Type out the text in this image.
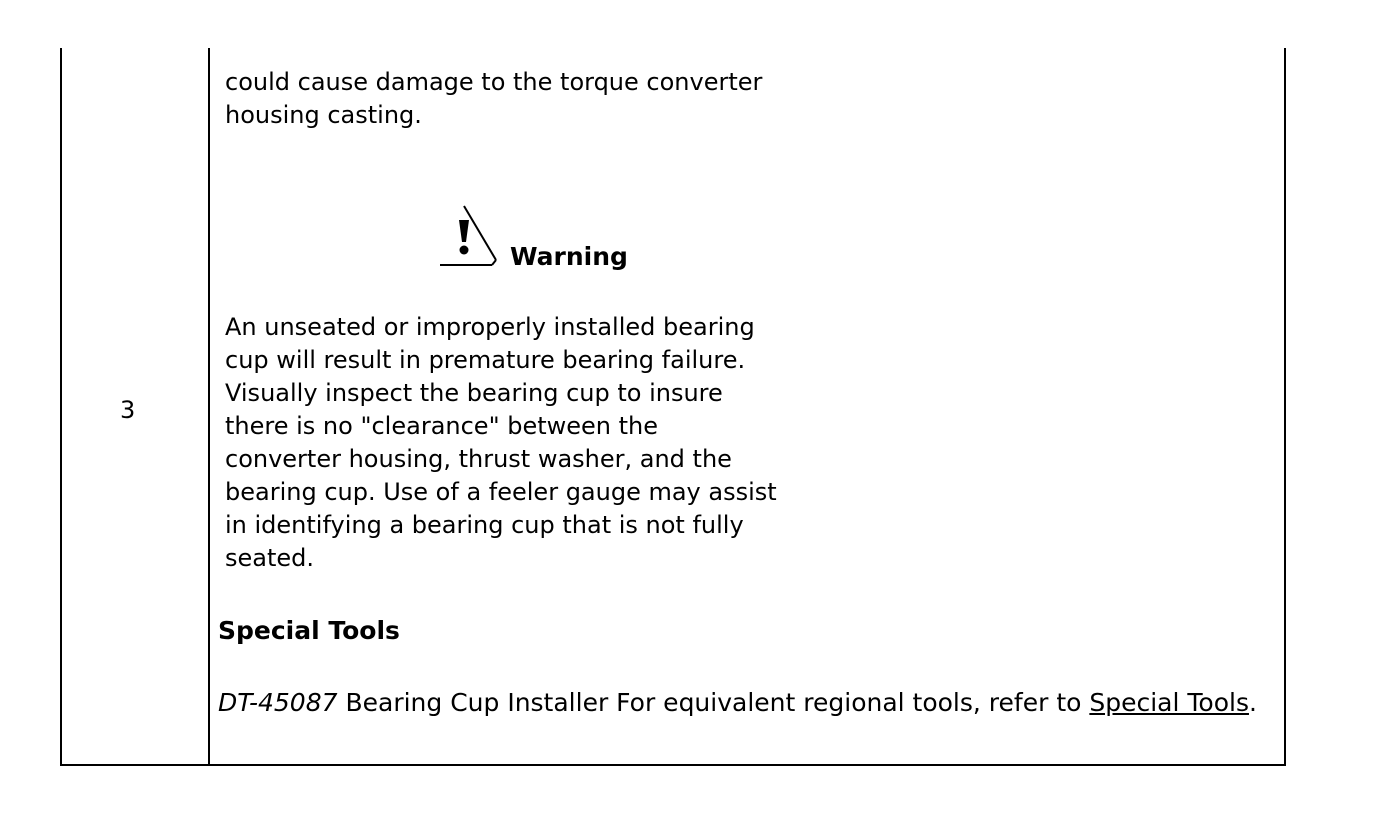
3
could cause damage to the torque converter
housing casting.
Warning
An unseated or improperly installed bearing
cup will result in premature bearing failure.
Visually inspect the bearing cup to insure
there is no "clearance" between the
converter housing, thrust washer, and the
bearing cup. Use of a feeler gauge may assist
in identifying a bearing cup that is not fully
seated.
Special Tools
DT-45087 Bearing Cup Installer For equivalent regional tools, refer to Special Tools.
